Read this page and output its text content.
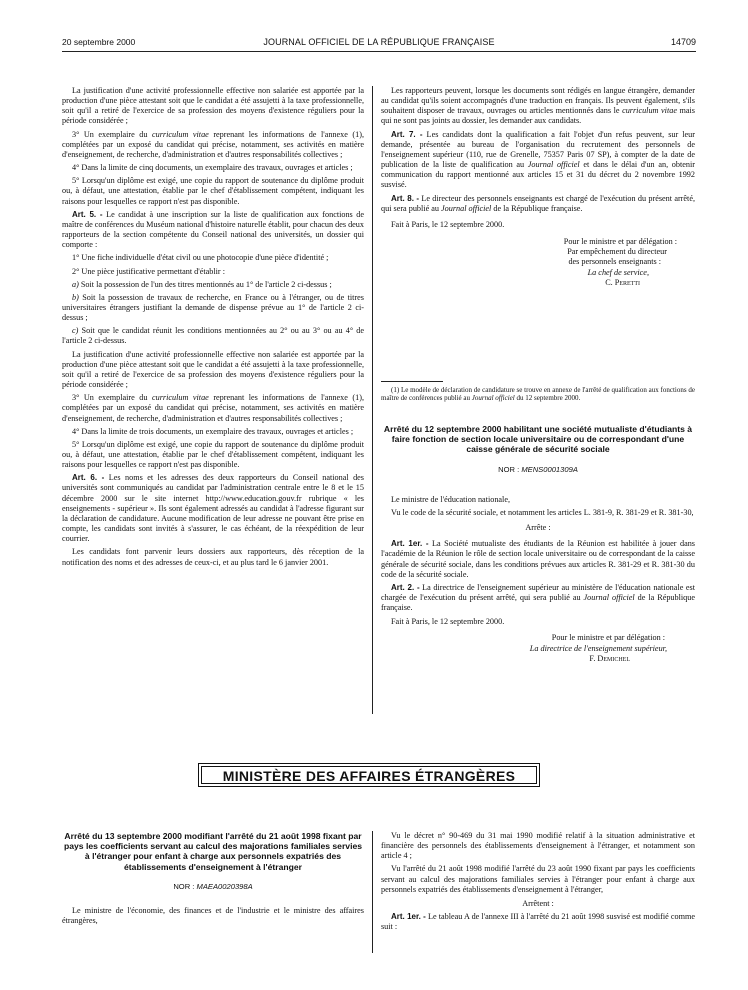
20 septembre 2000	JOURNAL OFFICIEL DE LA RÉPUBLIQUE FRANÇAISE	14709

La justification d'une activité professionnelle effective non salariée est apportée par la production d'une pièce attestant soit que le candidat a été assujetti à la taxe professionnelle, soit qu'il a retiré de l'exercice de sa profession des moyens d'existence réguliers pour la période considérée ;

3° Un exemplaire du curriculum vitae reprenant les informations de l'annexe (1), complétées par un exposé du candidat qui précise, notamment, ses activités en matière d'enseignement, de recherche, d'administration et d'autres responsabilités collectives ;

4° Dans la limite de cinq documents, un exemplaire des travaux, ouvrages et articles ;

5° Lorsqu'un diplôme est exigé, une copie du rapport de soutenance du diplôme produit ou, à défaut, une attestation, établie par le chef d'établissement compétent, indiquant les raisons pour lesquelles ce rapport n'est pas disponible.

Art. 5. - Le candidat à une inscription sur la liste de qualification aux fonctions de maître de conférences du Muséum national d'histoire naturelle établit, pour chacun des deux rapporteurs de la section compétente du Conseil national des universités, un dossier qui comporte :

1° Une fiche individuelle d'état civil ou une photocopie d'une pièce d'identité ;

2° Une pièce justificative permettant d'établir :

a) Soit la possession de l'un des titres mentionnés au 1° de l'article 2 ci-dessus ;

b) Soit la possession de travaux de recherche, en France ou à l'étranger, ou de titres universitaires étrangers justifiant la demande de dispense prévue au 1° de l'article 2 ci-dessus ;

c) Soit que le candidat réunit les conditions mentionnées au 2° ou au 3° ou au 4° de l'article 2 ci-dessus.

La justification d'une activité professionnelle effective non salariée est apportée par la production d'une pièce attestant soit que le candidat a été assujetti à la taxe professionnelle, soit qu'il a retiré de l'exercice de sa profession des moyens d'existence réguliers pour la période considérée ;

3° Un exemplaire du curriculum vitae reprenant les informations de l'annexe (1), complétées par un exposé du candidat qui précise, notamment, ses activités en matière d'enseignement, de recherche, d'administration et d'autres responsabilités collectives ;

4° Dans la limite de trois documents, un exemplaire des travaux, ouvrages et articles ;

5° Lorsqu'un diplôme est exigé, une copie du rapport de soutenance du diplôme produit ou, à défaut, une attestation, établie par le chef d'établissement compétent, indiquant les raisons pour lesquelles ce rapport n'est pas disponible.

Art. 6. - Les noms et les adresses des deux rapporteurs du Conseil national des universités sont communiqués au candidat par l'administration centrale entre le 8 et le 15 décembre 2000 sur le site internet http://www.education.gouv.fr rubrique « les enseignements - supérieur ». Ils sont également adressés au candidat à l'adresse figurant sur la déclaration de candidature. Aucune modification de leur adresse ne pouvant être prise en compte, les candidats sont invités à s'assurer, le cas échéant, de la réexpédition de leur courrier.

Les candidats font parvenir leurs dossiers aux rapporteurs, dès réception de la notification des noms et des adresses de ceux-ci, et au plus tard le 6 janvier 2001.

Les rapporteurs peuvent, lorsque les documents sont rédigés en langue étrangère, demander au candidat qu'ils soient accompagnés d'une traduction en français. Ils peuvent également, s'ils souhaitent disposer de travaux, ouvrages ou articles mentionnés dans le curriculum vitae mais qui ne sont pas joints au dossier, les demander aux candidats.

Art. 7. - Les candidats dont la qualification a fait l'objet d'un refus peuvent, sur leur demande, présentée au bureau de l'organisation du recrutement des personnels de l'enseignement supérieur (110, rue de Grenelle, 75357 Paris 07 SP), à compter de la date de publication de la liste de qualification au Journal officiel et dans le délai d'un an, obtenir communication du rapport mentionné aux articles 15 et 31 du décret du 2 novembre 1992 susvisé.

Art. 8. - Le directeur des personnels enseignants est chargé de l'exécution du présent arrêté, qui sera publié au Journal officiel de la République française.

Fait à Paris, le 12 septembre 2000.

Pour le ministre et par délégation :

Par empêchement du directeur

des personnels enseignants :

La chef de service,

C. Peretti

(1) Le modèle de déclaration de candidature se trouve en annexe de l'arrêté de qualification aux fonctions de maître de conférences publié au Journal officiel du 12 septembre 2000.

Arrêté du 12 septembre 2000 habilitant une société mutualiste d'étudiants à faire fonction de section locale universitaire ou de correspondant d'une caisse générale de sécurité sociale
NOR : MENS0001309A

Le ministre de l'éducation nationale,

Vu le code de la sécurité sociale, et notamment les articles L. 381-9, R. 381-29 et R. 381-30,

Arrête :

Art. 1er. - La Société mutualiste des étudiants de la Réunion est habilitée à jouer dans l'académie de la Réunion le rôle de section locale universitaire ou de correspondant de la caisse générale de sécurité sociale, dans les conditions prévues aux articles R. 381-29 et R. 381-30 du code de la sécurité sociale.

Art. 2. - La directrice de l'enseignement supérieur au ministère de l'éducation nationale est chargée de l'exécution du présent arrêté, qui sera publié au Journal officiel de la République française.

Fait à Paris, le 12 septembre 2000.

Pour le ministre et par délégation :

La directrice de l'enseignement supérieur,

F. Demichel

MINISTÈRE DES AFFAIRES ÉTRANGÈRES
Arrêté du 13 septembre 2000 modifiant l'arrêté du 21 août 1998 fixant par pays les coefficients servant au calcul des majorations familiales servies à l'étranger pour enfant à charge aux personnels expatriés des établissements d'enseignement à l'étranger
NOR : MAEA0020398A

Le ministre de l'économie, des finances et de l'industrie et le ministre des affaires étrangères,

Vu le décret n° 90-469 du 31 mai 1990 modifié relatif à la situation administrative et financière des personnels des établissements d'enseignement à l'étranger, et notamment son article 4 ;

Vu l'arrêté du 21 août 1998 modifié l'arrêté du 23 août 1990 fixant par pays les coefficients servant au calcul des majorations familiales servies à l'étranger pour enfant à charge aux personnels expatriés des établissements d'enseignement à l'étranger,

Arrêtent :

Art. 1er. - Le tableau A de l'annexe III à l'arrêté du 21 août 1998 susvisé est modifié comme suit :
